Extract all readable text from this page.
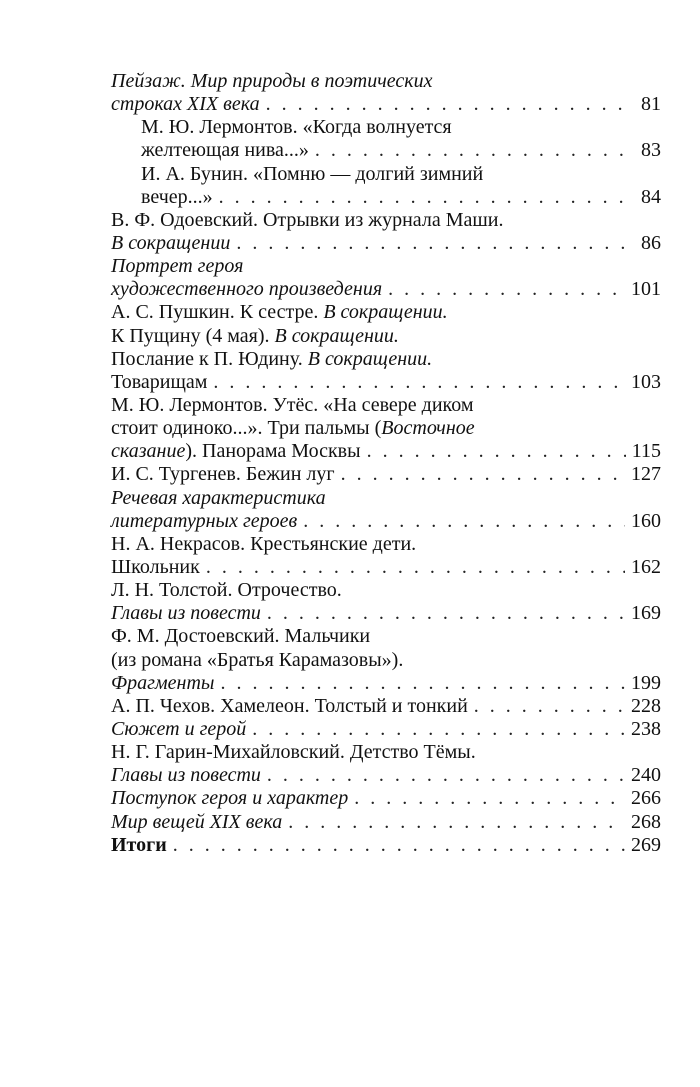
Пейзаж. Мир природы в поэтических
строках XIX века . . .	81
М. Ю. Лермонтов. «Когда волнуется
желтеющая нива...» . . .	83
И. А. Бунин. «Помню — долгий зимний
вечер...» . . .	84
В. Ф. Одоевский. Отрывки из журнала Маши.
В сокращении . . .	86
Портрет героя
художественного произведения . . .	101
А. С. Пушкин. К сестре. В сокращении.
К Пущину (4 мая). В сокращении.
Послание к П. Юдину. В сокращении.
Товарищам . . .	103
М. Ю. Лермонтов. Утёс. «На севере диком
стоит одиноко...». Три пальмы (Восточное
сказание). Панорама Москвы . . .	115
И. С. Тургенев. Бежин луг . . .	127
Речевая характеристика
литературных героев . . .	160
Н. А. Некрасов. Крестьянские дети.
Школьник . . .	162
Л. Н. Толстой. Отрочество.
Главы из повести . . .	169
Ф. М. Достоевский. Мальчики
(из романа «Братья Карамазовы»).
Фрагменты . . .	199
А. П. Чехов. Хамелеон. Толстый и тонкий . . .	228
Сюжет и герой . . .	238
Н. Г. Гарин-Михайловский. Детство Тёмы.
Главы из повести . . .	240
Поступок героя и характер . . .	266
Мир вещей XIX века . . .	268
Итоги . . .	269
